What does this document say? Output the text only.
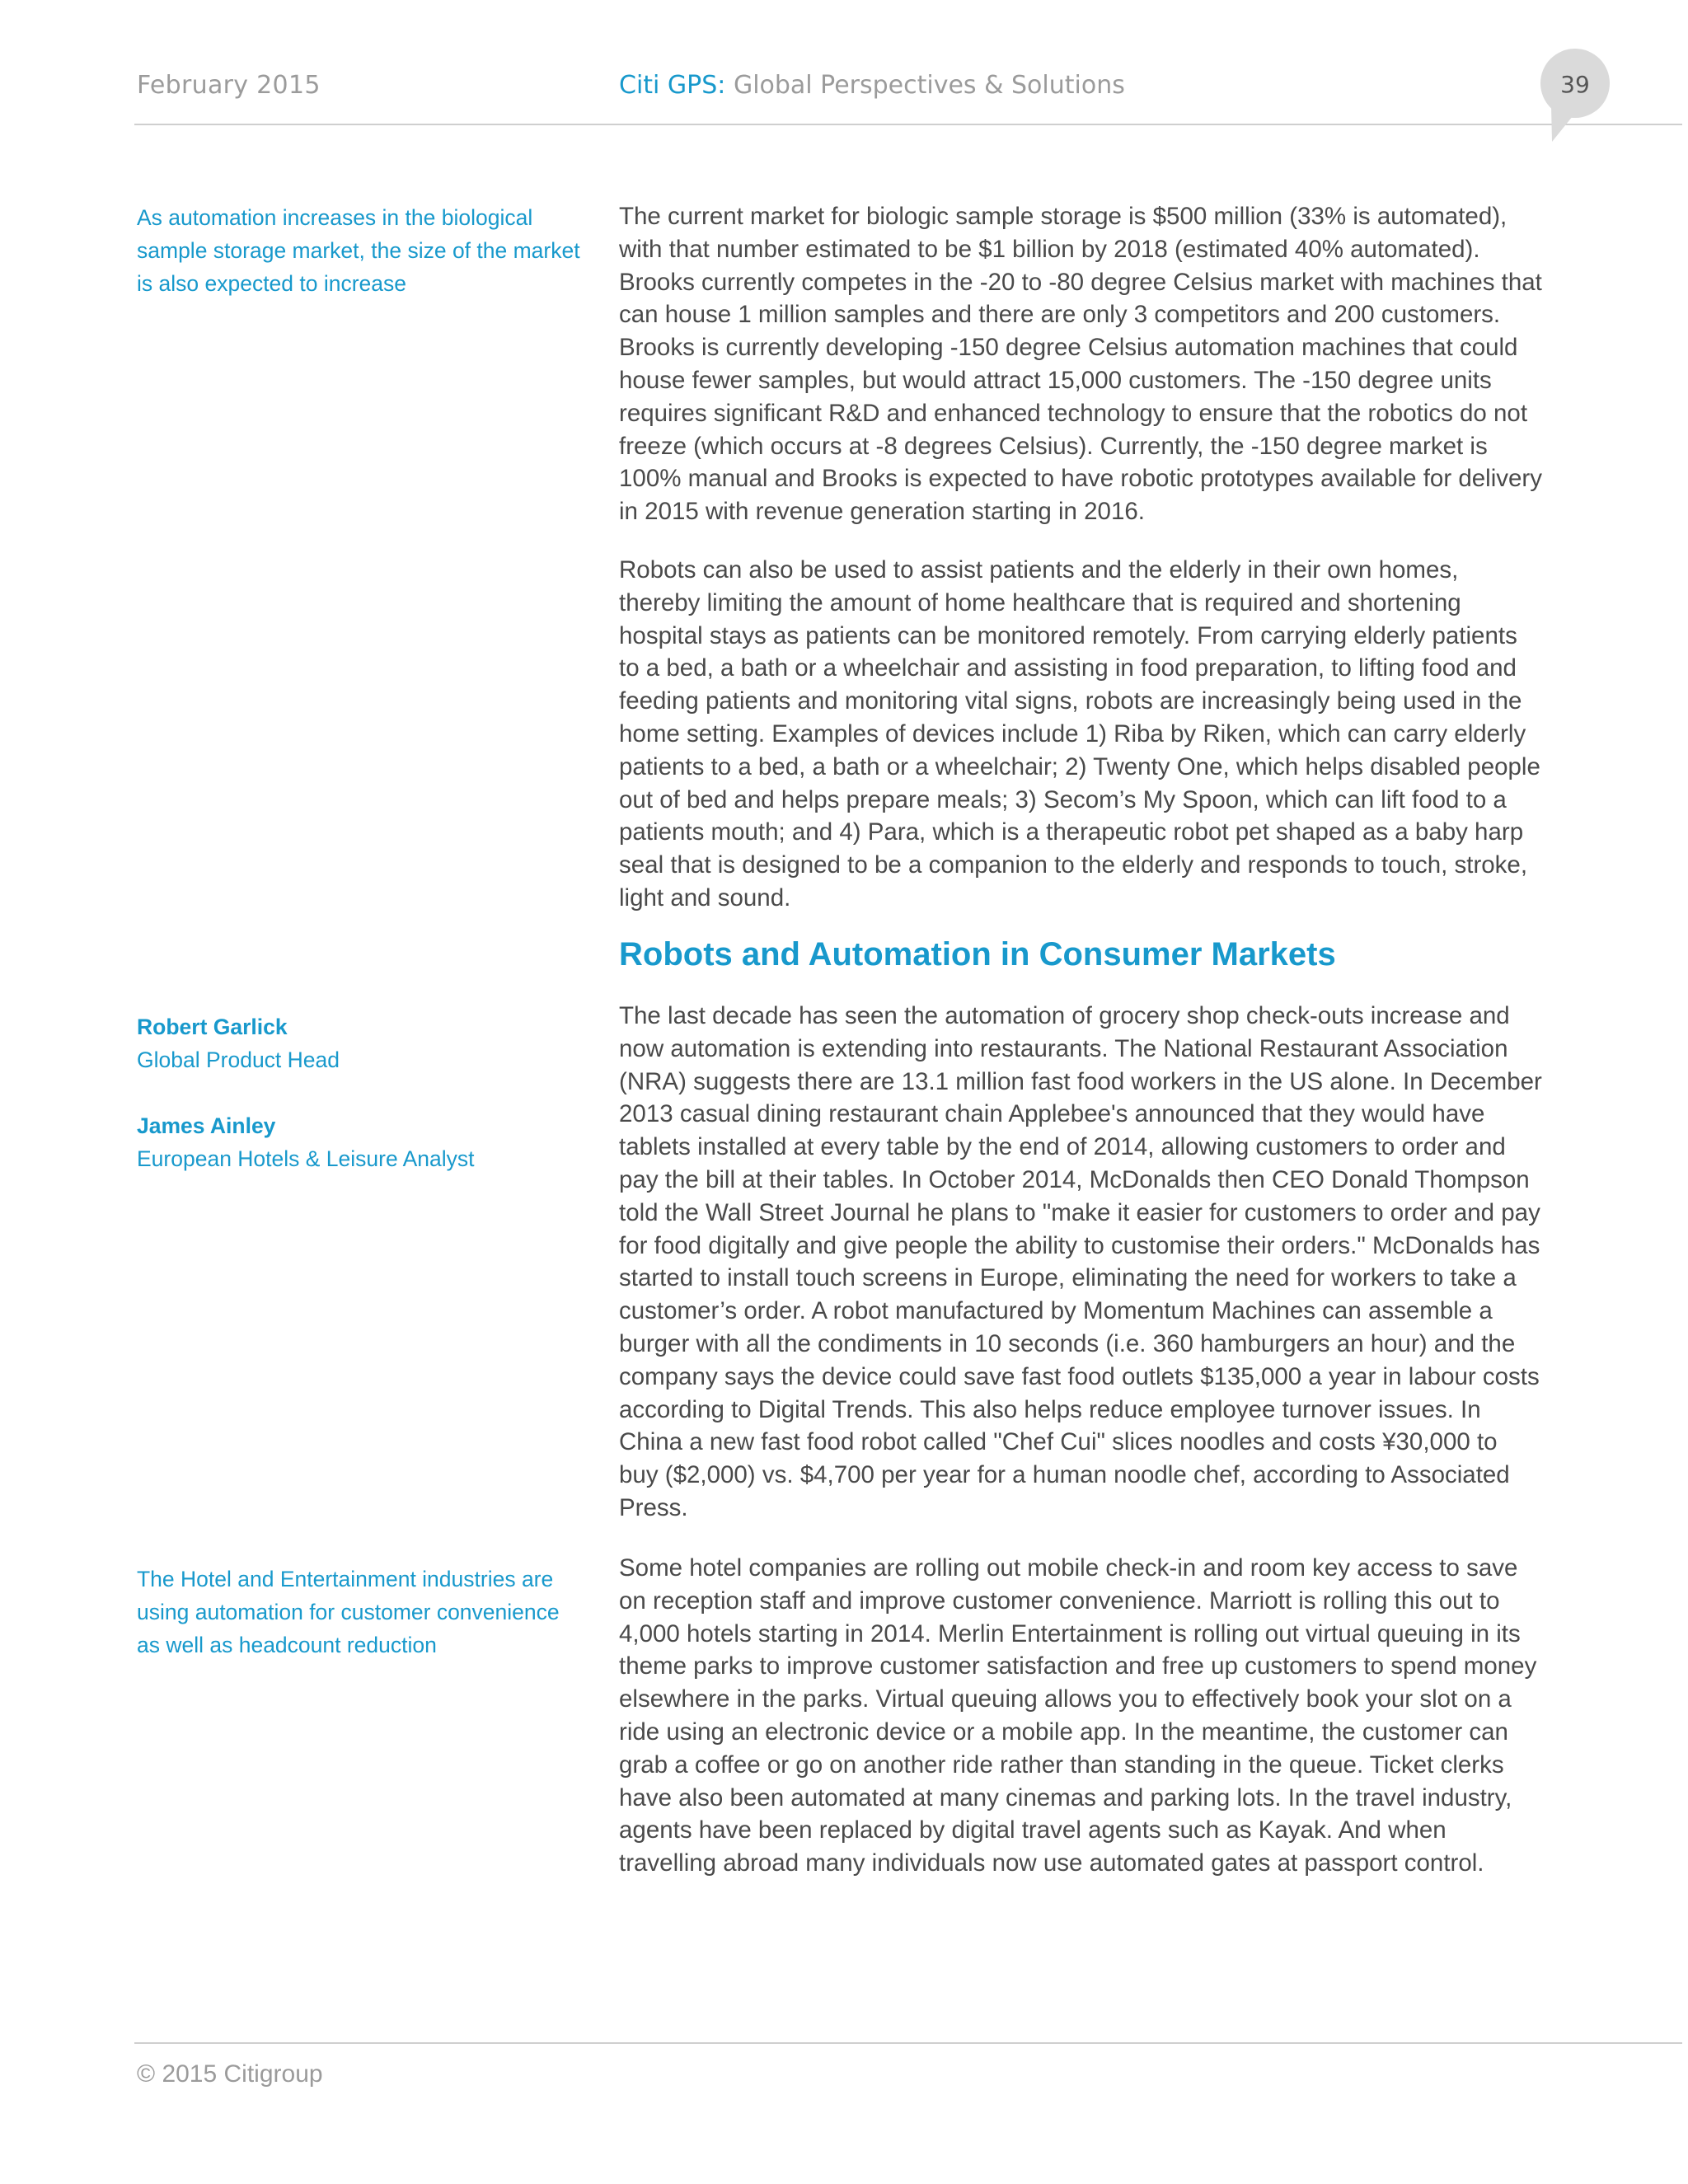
February 2015	Citi GPS: Global Perspectives & Solutions	39

As automation increases in the biological sample storage market, the size of the market is also expected to increase

Robert Garlick

Global Product Head

James Ainley

European Hotels & Leisure Analyst

The Hotel and Entertainment industries are using automation for customer convenience as well as headcount reduction

The current market for biologic sample storage is $500 million (33% is automated), with that number estimated to be $1 billion by 2018 (estimated 40% automated). Brooks currently competes in the -20 to -80 degree Celsius market with machines that can house 1 million samples and there are only 3 competitors and 200 customers. Brooks is currently developing -150 degree Celsius automation machines that could house fewer samples, but would attract 15,000 customers. The -150 degree units requires significant R&D and enhanced technology to ensure that the robotics do not freeze (which occurs at -8 degrees Celsius). Currently, the -150 degree market is 100% manual and Brooks is expected to have robotic prototypes available for delivery in 2015 with revenue generation starting in 2016.

Robots can also be used to assist patients and the elderly in their own homes, thereby limiting the amount of home healthcare that is required and shortening hospital stays as patients can be monitored remotely. From carrying elderly patients to a bed, a bath or a wheelchair and assisting in food preparation, to lifting food and feeding patients and monitoring vital signs, robots are increasingly being used in the home setting. Examples of devices include 1) Riba by Riken, which can carry elderly patients to a bed, a bath or a wheelchair; 2) Twenty One, which helps disabled people out of bed and helps prepare meals; 3) Secom’s My Spoon, which can lift food to a patients mouth; and 4) Para, which is a therapeutic robot pet shaped as a baby harp seal that is designed to be a companion to the elderly and responds to touch, stroke, light and sound.

Robots and Automation in Consumer Markets

The last decade has seen the automation of grocery shop check-outs increase and now automation is extending into restaurants. The National Restaurant Association (NRA) suggests there are 13.1 million fast food workers in the US alone. In December 2013 casual dining restaurant chain Applebee's announced that they would have tablets installed at every table by the end of 2014, allowing customers to order and pay the bill at their tables. In October 2014, McDonalds then CEO Donald Thompson told the Wall Street Journal he plans to "make it easier for customers to order and pay for food digitally and give people the ability to customise their orders." McDonalds has started to install touch screens in Europe, eliminating the need for workers to take a customer’s order. A robot manufactured by Momentum Machines can assemble a burger with all the condiments in 10 seconds (i.e. 360 hamburgers an hour) and the company says the device could save fast food outlets $135,000 a year in labour costs according to Digital Trends. This also helps reduce employee turnover issues. In China a new fast food robot called "Chef Cui" slices noodles and costs ¥30,000 to buy ($2,000) vs. $4,700 per year for a human noodle chef, according to Associated Press.

Some hotel companies are rolling out mobile check-in and room key access to save on reception staff and improve customer convenience. Marriott is rolling this out to 4,000 hotels starting in 2014. Merlin Entertainment is rolling out virtual queuing in its theme parks to improve customer satisfaction and free up customers to spend money elsewhere in the parks. Virtual queuing allows you to effectively book your slot on a ride using an electronic device or a mobile app. In the meantime, the customer can grab a coffee or go on another ride rather than standing in the queue. Ticket clerks have also been automated at many cinemas and parking lots. In the travel industry, agents have been replaced by digital travel agents such as Kayak. And when travelling abroad many individuals now use automated gates at passport control.

© 2015 Citigroup
